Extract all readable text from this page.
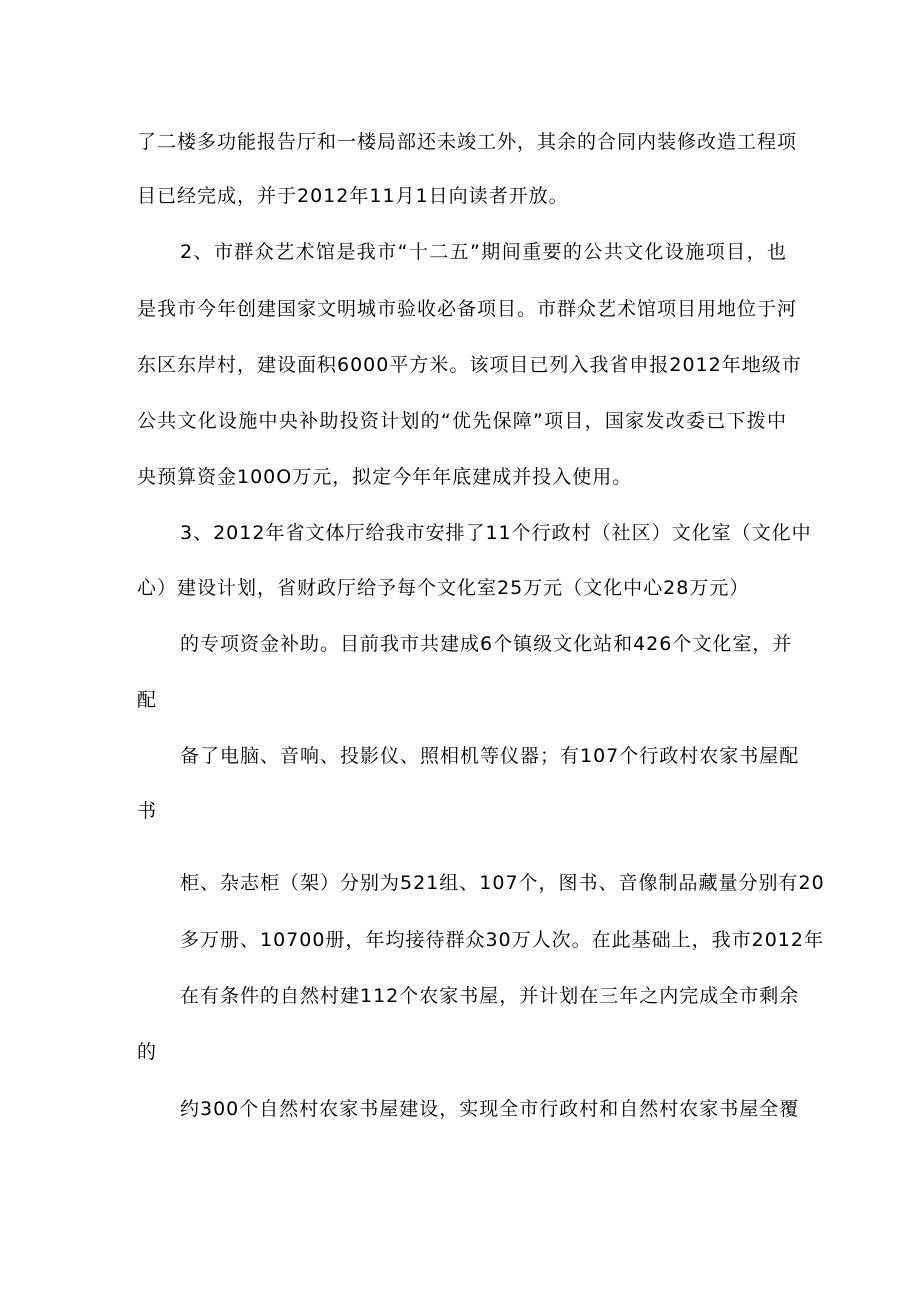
了二楼多功能报告厅和一楼局部还未竣工外，其余的合同内装修改造工程项
目已经完成，并于2012年11月1日向读者开放。
2、市群众艺术馆是我市“十二五”期间重要的公共文化设施项目，也
是我市今年创建国家文明城市验收必备项目。市群众艺术馆项目用地位于河
东区东岸村，建设面积6000平方米。该项目已列入我省申报2012年地级市
公共文化设施中央补助投资计划的“优先保障”项目，国家发改委已下拨中
央预算资金100O万元，拟定今年年底建成并投入使用。
3、2012年省文体厅给我市安排了11个行政村（社区）文化室（文化中
心）建设计划，省财政厅给予每个文化室25万元（文化中心28万元）
的专项资金补助。目前我市共建成6个镇级文化站和426个文化室，并
配
备了电脑、音响、投影仪、照相机等仪器；有107个行政村农家书屋配
书
柜、杂志柜（架）分别为521组、107个，图书、音像制品藏量分别有20
多万册、10700册，年均接待群众30万人次。在此基础上，我市2012年
在有条件的自然村建112个农家书屋，并计划在三年之内完成全市剩余
的
约300个自然村农家书屋建设，实现全市行政村和自然村农家书屋全覆
